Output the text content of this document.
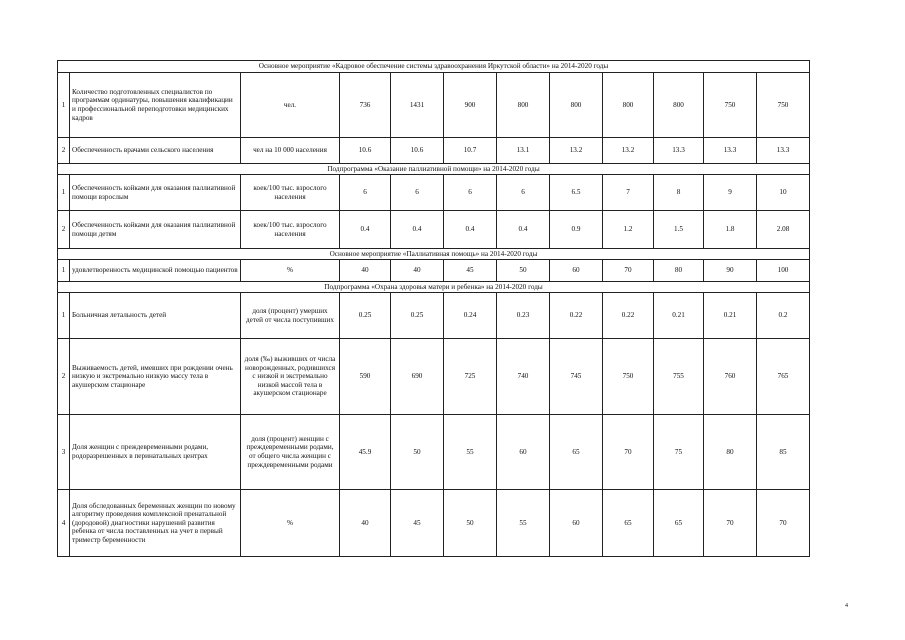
Основное мероприятие «Кадровое обеспечение системы здравоохранения Иркутской области» на 2014-2020 годы											
1	Количество подготовленных специалистов по программам ординатуры, повышения квалификации и профессиональной переподготовки медицинских кадров	чел.	736	1431	900	800	800	800	800	750	750
2	Обеспеченность врачами сельского населения	чел на 10 000 населения	10.6	10.6	10.7	13.1	13.2	13.2	13.3	13.3	13.3
Подпрограмма «Оказание паллиативной помощи» на 2014-2020 годы											
1	Обеспеченность койками для оказания паллиативной помощи взрослым	коек/100 тыс. взрослого населения	6	6	6	6	6.5	7	8	9	10
2	Обеспеченность койками для оказания паллиативной помощи детям	коек/100 тыс. взрослого населения	0.4	0.4	0.4	0.4	0.9	1.2	1.5	1.8	2.08
Основное мероприятие «Паллиативная помощь» на 2014-2020 годы											
1	удовлетворенность медицинской помощью пациентов	%	40	40	45	50	60	70	80	90	100
Подпрограмма «Охрана здоровья матери и ребенка» на 2014-2020 годы											
1	Больничная летальность детей	доля (процент) умерших детей от числа поступивших	0.25	0.25	0.24	0.23	0.22	0.22	0.21	0.21	0.2
2	Выживаемость детей, имевших при рождении очень низкую и экстремально низкую массу тела в акушерском стационаре	доля (‰) выживших от числа новорожденных, родившихся с низкой и экстремально низкой массой тела в акушерском стационаре	590	690	725	740	745	750	755	760	765
3	Доля женщин с преждевременными родами, родоразрешенных в перинатальных центрах	доля (процент) женщин с преждевременными родами, от общего числа женщин с преждевременными родами	45.9	50	55	60	65	70	75	80	85
4	Доля обследованных беременных женщин по новому алгоритму проведения комплексной пренатальной (дородовой) диагностики нарушений развития ребенка от числа поставленных на учет в первый триместр беременности	%	40	45	50	55	60	65	65	70	70
4
